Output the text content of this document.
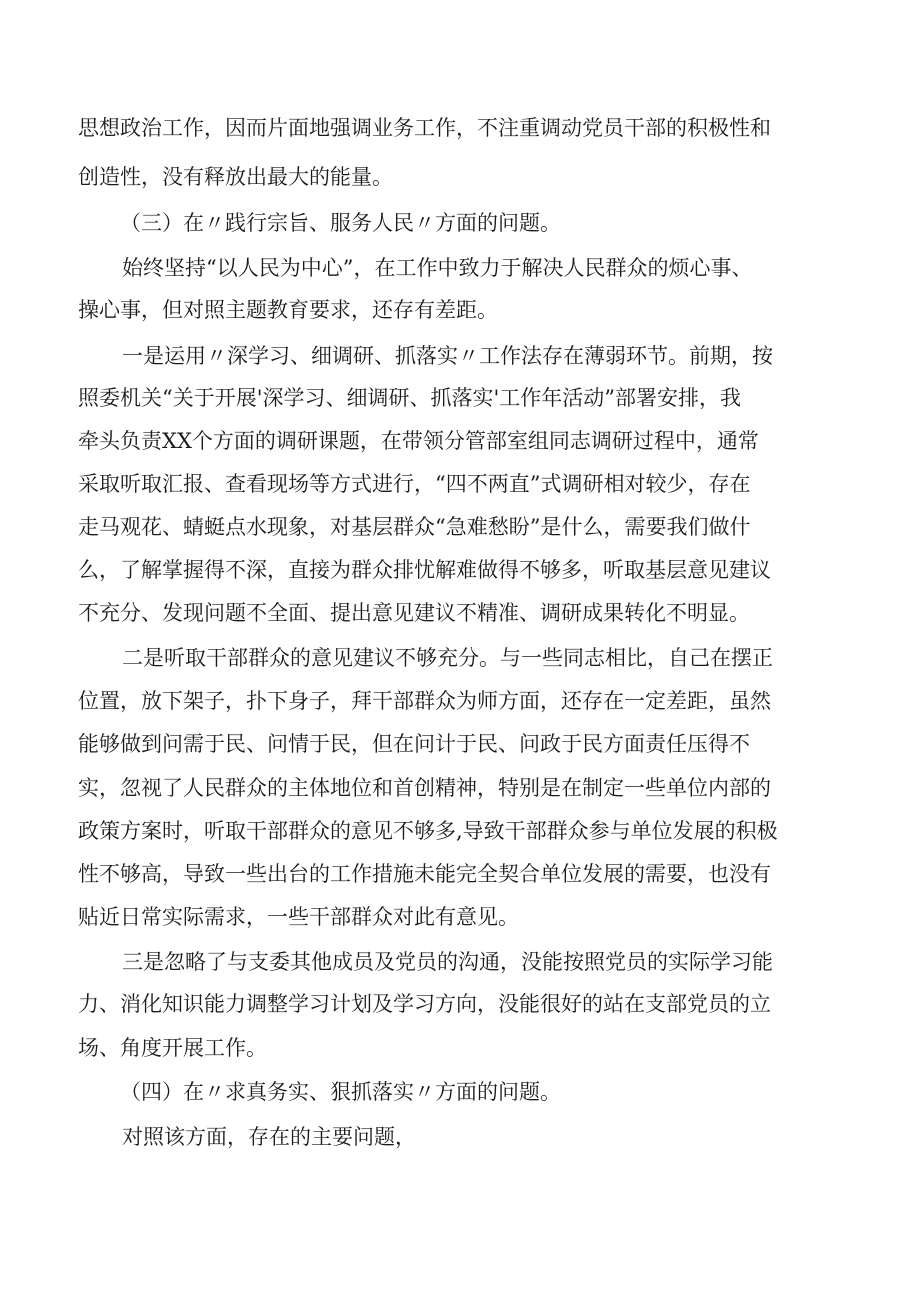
思想政治工作，因而片面地强调业务工作，不注重调动党员干部的积极性和
创造性，没有释放出最大的能量。
（三）在〃践行宗旨、服务人民〃方面的问题。
始终坚持“以人民为中心”，在工作中致力于解决人民群众的烦心事、
操心事，但对照主题教育要求，还存有差距。
一是运用〃深学习、细调研、抓落实〃工作法存在薄弱环节。前期，按
照委机关“关于开展'深学习、细调研、抓落实'工作年活动”部署安排，我
牵头负责XX个方面的调研课题，在带领分管部室组同志调研过程中，通常
采取听取汇报、查看现场等方式进行，“四不两直”式调研相对较少，存在
走马观花、蜻蜓点水现象，对基层群众“急难愁盼”是什么，需要我们做什
么，了解掌握得不深，直接为群众排忧解难做得不够多，听取基层意见建议
不充分、发现问题不全面、提出意见建议不精准、调研成果转化不明显。
二是听取干部群众的意见建议不够充分。与一些同志相比，自己在摆正
位置，放下架子，扑下身子，拜干部群众为师方面，还存在一定差距，虽然
能够做到问需于民、问情于民，但在问计于民、问政于民方面责任压得不
实，忽视了人民群众的主体地位和首创精神，特别是在制定一些单位内部的
政策方案时，听取干部群众的意见不够多,导致干部群众参与单位发展的积极
性不够高，导致一些出台的工作措施未能完全契合单位发展的需要，也没有
贴近日常实际需求，一些干部群众对此有意见。
三是忽略了与支委其他成员及党员的沟通，没能按照党员的实际学习能
力、消化知识能力调整学习计划及学习方向，没能很好的站在支部党员的立
场、角度开展工作。
（四）在〃求真务实、狠抓落实〃方面的问题。
对照该方面，存在的主要问题，
